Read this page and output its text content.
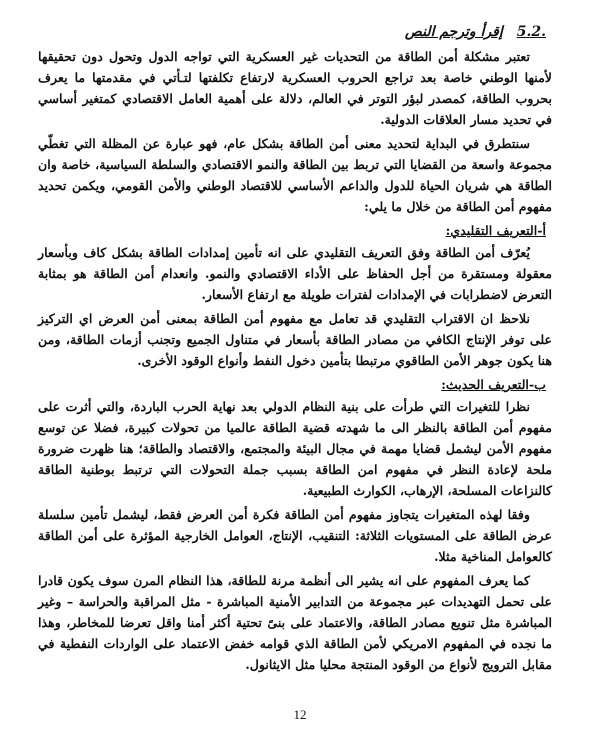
5.2.
إقرأ وترجم النص

تعتبر مشكلة أمن الطاقة من التحديات غير العسكرية التي تواجه الدول وتحول دون تحقيقها لأمنها الوطني خاصة بعد تراجع الحروب العسكرية لارتفاع تكلفتها لتـأتي في مقدمتها ما يعرف بحروب الطاقة، كمصدر لبؤر التوتر في العالم، دلالة على أهمية العامل الاقتصادي كمتغير أساسي في تحديد مسار العلاقات الدولية.

سنتطرق في البداية لتحديد معنى أمن الطاقة بشكل عام، فهو عبارة عن المظلة التي تغطّي مجموعة واسعة من القضايا التي تربط بين الطاقة والنمو الاقتصادي والسلطة السياسية، خاصة وان الطاقة هي شريان الحياة للدول والداعم الأساسي للاقتصاد الوطني والأمن القومي، ويكمن تحديد مفهوم أمن الطاقة من خلال ما يلي:

أ-التعريف التقليدي:

يُعرّف أمن الطاقة وفق التعريف التقليدي على انه تأمين إمدادات الطاقة بشكل كاف وبأسعار معقولة ومستقرة من أجل الحفاظ على الأداء الاقتصادي والنمو. وانعدام أمن الطاقة هو بمثابة التعرض لاضطرابات في الإمدادات لفترات طويلة مع ارتفاع الأسعار.

نلاحظ ان الاقتراب التقليدي قد تعامل مع مفهوم أمن الطاقة بمعنى أمن العرض اي التركيز على توفر الإنتاج الكافي من مصادر الطاقة بأسعار في متناول الجميع وتجنب أزمات الطاقة، ومن هنا يكون جوهر الأمن الطاقوي مرتبطا بتأمين دخول النفط وأنواع الوقود الأخرى.

ب-التعريف الحديث:

نظرا للتغيرات التي طرأت على بنية النظام الدولي بعد نهاية الحرب الباردة، والتي أثرت على مفهوم أمن الطاقة بالنظر الى ما شهدته قضية الطاقة عالميا من تحولات كبيرة، فضلا عن توسع مفهوم الأمن ليشمل قضايا مهمة في مجال البيئة والمجتمع، والاقتصاد والطاقة؛ هنا ظهرت ضرورة ملحة لإعادة النظر في مفهوم امن الطاقة بسبب جملة التحولات التي ترتبط بوطنية الطاقة كالنزاعات المسلحة، الإرهاب، الكوارث الطبيعية.

وفقا لهذه المتغيرات يتجاوز مفهوم أمن الطاقة فكرة أمن العرض فقط، ليشمل تأمين سلسلة عرض الطاقة على المستويات الثلاثة: التنقيب، الإنتاج، العوامل الخارجية المؤثرة على أمن الطاقة كالعوامل المناخية مثلا.

كما يعرف المفهوم على انه يشير الى أنظمة مرنة للطاقة، هذا النظام المرن سوف يكون قادرا على تحمل التهديدات عبر مجموعة من التدابير الأمنية المباشرة - مثل المراقبة والحراسة – وغير المباشرة مثل تنويع مصادر الطاقة، والاعتماد على بنىً تحتية أكثر أمنا واقل تعرضا للمخاطر، وهذا ما نجده في المفهوم الامريكي لأمن الطاقة الذي قوامه خفض الاعتماد على الواردات النفطية في مقابل الترويج لأنواع من الوقود المنتجة محليا مثل الايثانول.

12
